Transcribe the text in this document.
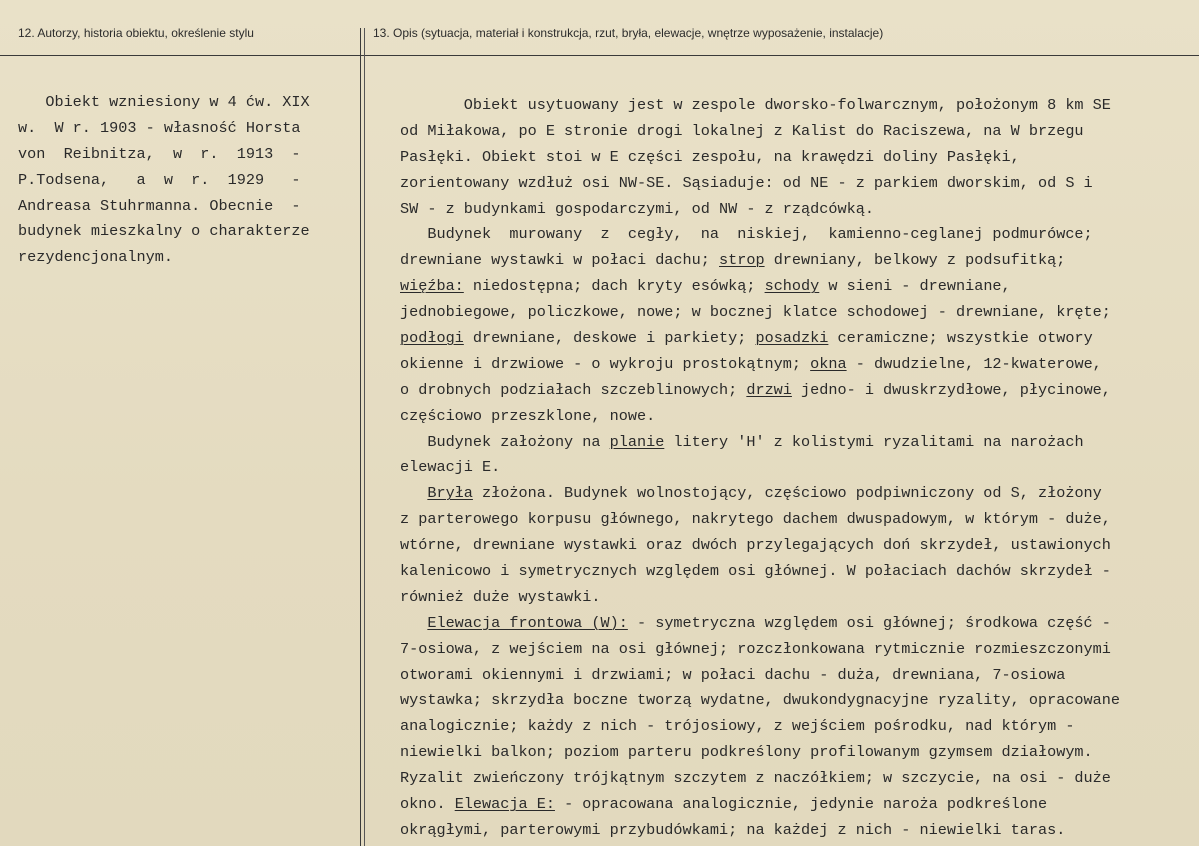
12. Autorzy, historia obiektu, określenie stylu	13. Opis (sytuacja, materiał i konstrukcja, rzut, bryła, elewacje, wnętrze wyposażenie, instalacje)
Obiekt wzniesiony w 4 ćw. XIX
w.  W r. 1903 - własność Horsta
von  Reibnitza,  w  r.  1913  -
P.Todsena,   a  w  r.  1929   -
Andreasa Stuhrmanna. Obecnie  -
budynek mieszkalny o charakterze
rezydencjonalnym.
Obiekt usytuowany jest w zespole dworsko-folwarcznym, położonym 8 km SE
od Miłakowa, po E stronie drogi lokalnej z Kalist do Raciszewa, na W brzegu
Pasłęki. Obiekt stoi w E części zespołu, na krawędzi doliny Pasłęki,
zorientowany wzdłuż osi NW-SE. Sąsiaduje: od NE - z parkiem dworskim, od S i
SW - z budynkami gospodarczymi, od NW - z rządcówką.
Budynek  murowany  z  cegły,  na  niskiej,  kamienno-ceglanej podmurówce;
drewniane wystawki w połaci dachu; strop drewniany, belkowy z podsufitką;
więźba: niedostępna; dach kryty esówką; schody w sieni - drewniane,
jednobiegowe, policzkowe, nowe; w bocznej klatce schodowej - drewniane, kręte;
podłogi drewniane, deskowe i parkiety; posadzki ceramiczne; wszystkie otwory
okienne i drzwiowe - o wykroju prostokątnym; okna - dwudzielne, 12-kwaterowe,
o drobnych podziałach szczeblinowych; drzwi jedno- i dwuskrzydłowe, płycinowe,
częściowo przeszklone, nowe.
Budynek założony na planie litery 'H' z kolistymi ryzalitami na narożach
elewacji E.
Bryła złożona. Budynek wolnostojący, częściowo podpiwniczony od S, złożony
z parterowego korpusu głównego, nakrytego dachem dwuspadowym, w którym - duże,
wtórne, drewniane wystawki oraz dwóch przylegających doń skrzydeł, ustawionych
kalenicowo i symetrycznych względem osi głównej. W połaciach dachów skrzydeł -
również duże wystawki.
Elewacja frontowa (W): - symetryczna względem osi głównej; środkowa część -
7-osiowa, z wejściem na osi głównej; rozczłonkowana rytmicznie rozmieszczonymi
otworami okiennymi i drzwiami; w połaci dachu - duża, drewniana, 7-osiowa
wystawka; skrzydła boczne tworzą wydatne, dwukondygnacyjne ryzality, opracowane
analogicznie; każdy z nich - trójosiowy, z wejściem pośrodku, nad którym -
niewielki balkon; poziom parteru podkreślony profilowanym gzymsem działowym.
Ryzalit zwieńczony trójkątnym szczytem z naczółkiem; w szczycie, na osi - duże
okno. Elewacja E: - opracowana analogicznie, jedynie naroża podkreślone
okrągłymi, parterowymi przybudówkami; na każdej z nich - niewielki taras.
